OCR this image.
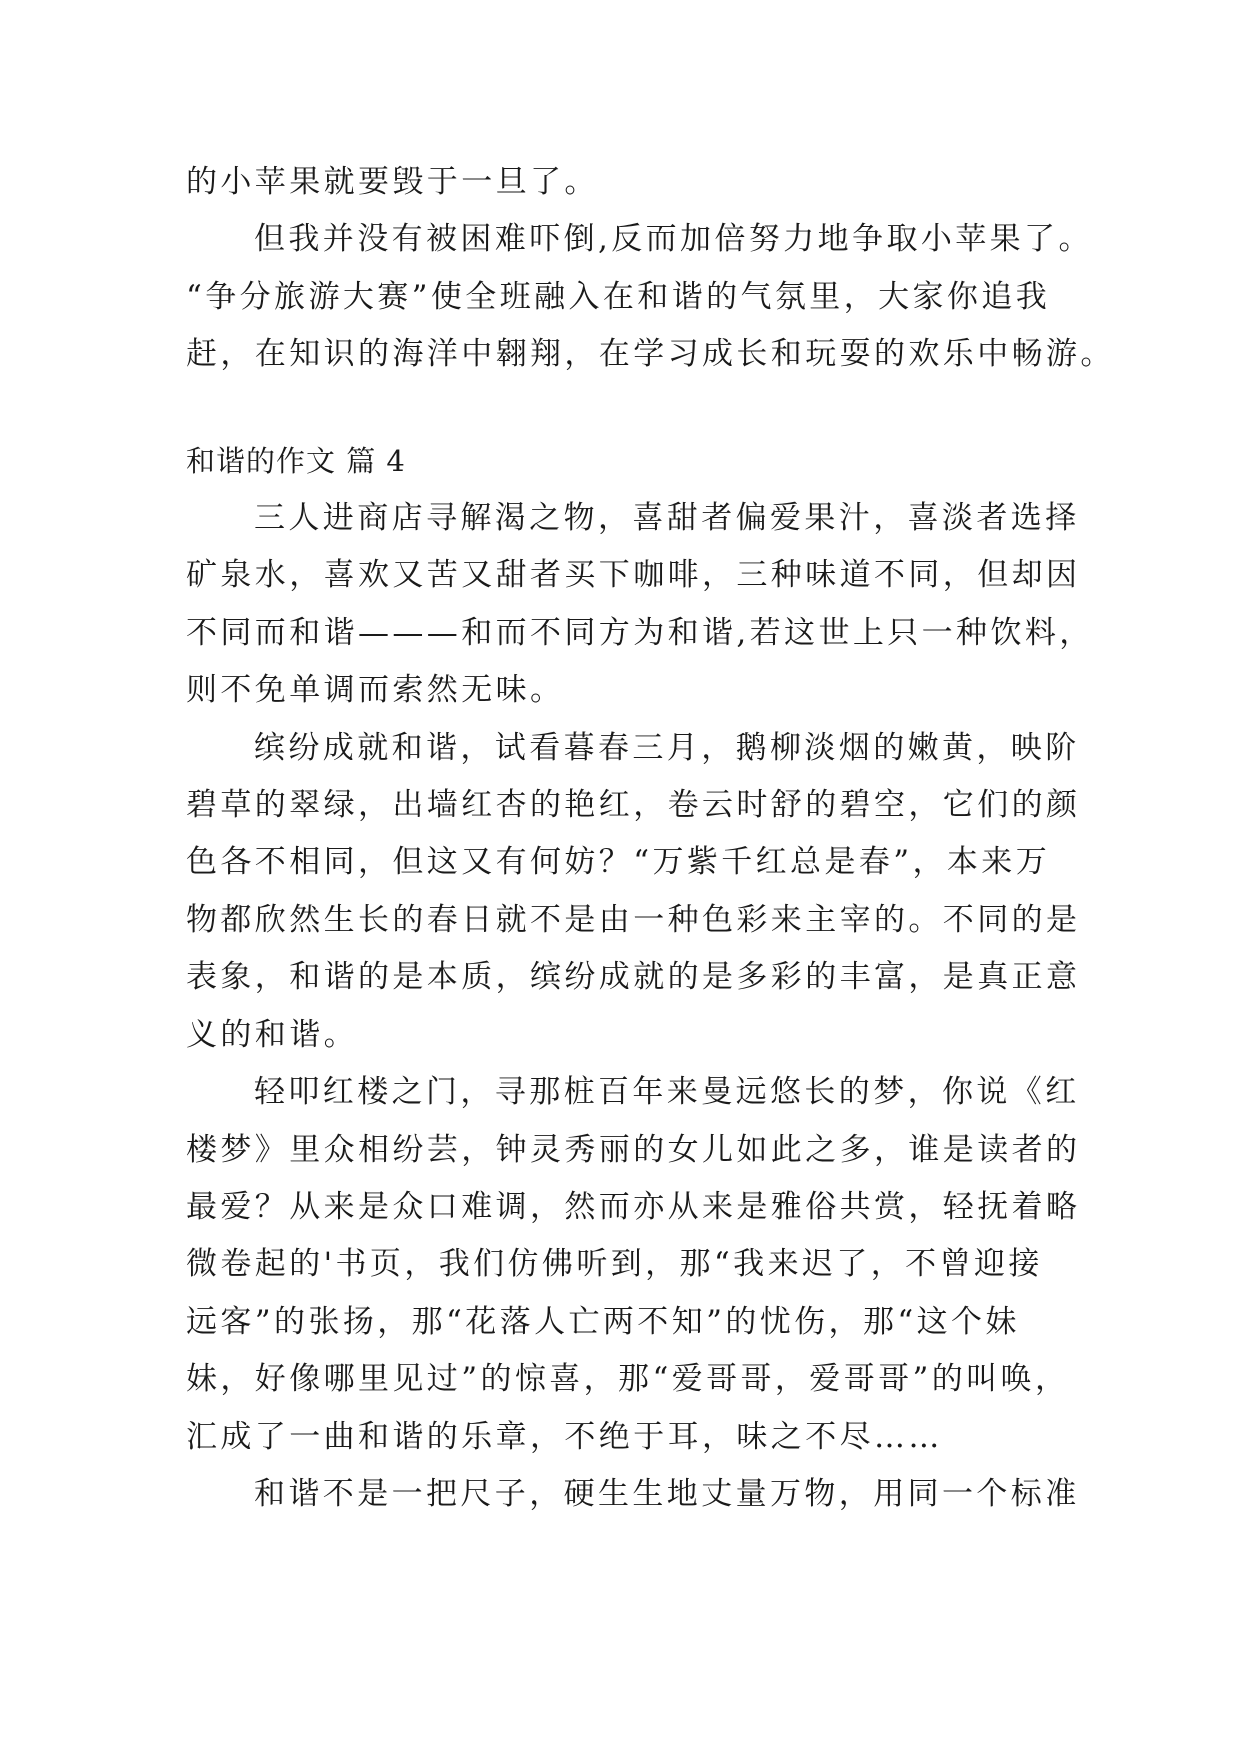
的小苹果就要毁于一旦了。
但我并没有被困难吓倒,反而加倍努力地争取小苹果了。
“争分旅游大赛”使全班融入在和谐的气氛里，大家你追我
赶，在知识的海洋中翱翔，在学习成长和玩耍的欢乐中畅游。
和谐的作文 篇 4
三人进商店寻解渴之物，喜甜者偏爱果汁，喜淡者选择
矿泉水，喜欢又苦又甜者买下咖啡，三种味道不同，但却因
不同而和谐———和而不同方为和谐,若这世上只一种饮料，
则不免单调而索然无味。
缤纷成就和谐，试看暮春三月，鹅柳淡烟的嫩黄，映阶
碧草的翠绿，出墙红杏的艳红，卷云时舒的碧空，它们的颜
色各不相同，但这又有何妨？“万紫千红总是春”，本来万
物都欣然生长的春日就不是由一种色彩来主宰的。不同的是
表象，和谐的是本质，缤纷成就的是多彩的丰富，是真正意
义的和谐。
轻叩红楼之门，寻那桩百年来曼远悠长的梦，你说《红
楼梦》里众相纷芸，钟灵秀丽的女儿如此之多，谁是读者的
最爱？从来是众口难调，然而亦从来是雅俗共赏，轻抚着略
微卷起的'书页，我们仿佛听到，那“我来迟了，不曾迎接
远客”的张扬，那“花落人亡两不知”的忧伤，那“这个妹
妹，好像哪里见过”的惊喜，那“爱哥哥，爱哥哥”的叫唤，
汇成了一曲和谐的乐章，不绝于耳，味之不尽……
和谐不是一把尺子，硬生生地丈量万物，用同一个标准
